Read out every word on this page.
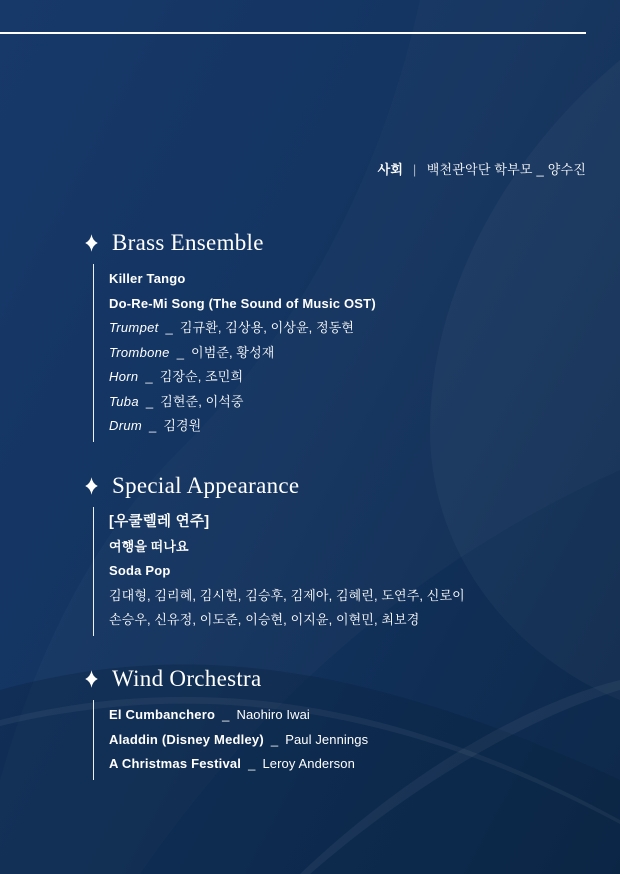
사회 | 백천관악단 학부모 _ 양수진
Brass Ensemble
Killer Tango
Do-Re-Mi Song (The Sound of Music OST)
Trumpet _ 김규환, 김상용, 이상윤, 정동현
Trombone _ 이범준, 황성재
Horn _ 김장순, 조민희
Tuba _ 김현준, 이석중
Drum _ 김경원
Special Appearance
[우쿨렐레 연주]
여행을 떠나요
Soda Pop
김대형, 김리혜, 김시헌, 김승후, 김제아, 김혜린, 도연주, 신로이
손승우, 신유정, 이도준, 이승현, 이지윤, 이현민, 최보경
Wind Orchestra
El Cumbanchero _ Naohiro Iwai
Aladdin (Disney Medley) _ Paul Jennings
A Christmas Festival _ Leroy Anderson
